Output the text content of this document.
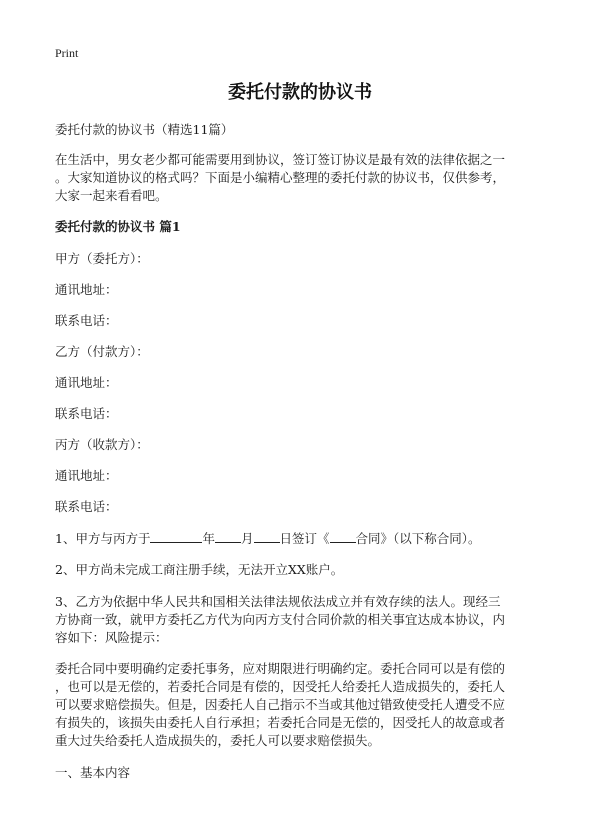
Print
委托付款的协议书
委托付款的协议书（精选11篇）
在生活中，男女老少都可能需要用到协议，签订签订协议是最有效的法律依据之一
。大家知道协议的格式吗？下面是小编精心整理的委托付款的协议书，仅供参考，
大家一起来看看吧。
委托付款的协议书 篇1
甲方（委托方）：
通讯地址：
联系电话：
乙方（付款方）：
通讯地址：
联系电话：
丙方（收款方）：
通讯地址：
联系电话：
1、甲方与丙方于	年 月 日签订《 合同》（以下称合同）。
2、甲方尚未完成工商注册手续，无法开立XX账户。
3、乙方为依据中华人民共和国相关法律法规依法成立并有效存续的法人。现经三
方协商一致，就甲方委托乙方代为向丙方支付合同价款的相关事宜达成本协议，内
容如下：风险提示：
委托合同中要明确约定委托事务，应对期限进行明确约定。委托合同可以是有偿的
，也可以是无偿的，若委托合同是有偿的，因受托人给委托人造成损失的，委托人
可以要求赔偿损失。但是，因委托人自己指示不当或其他过错致使受托人遭受不应
有损失的，该损失由委托人自行承担；若委托合同是无偿的，因受托人的故意或者
重大过失给委托人造成损失的，委托人可以要求赔偿损失。
一、基本内容
